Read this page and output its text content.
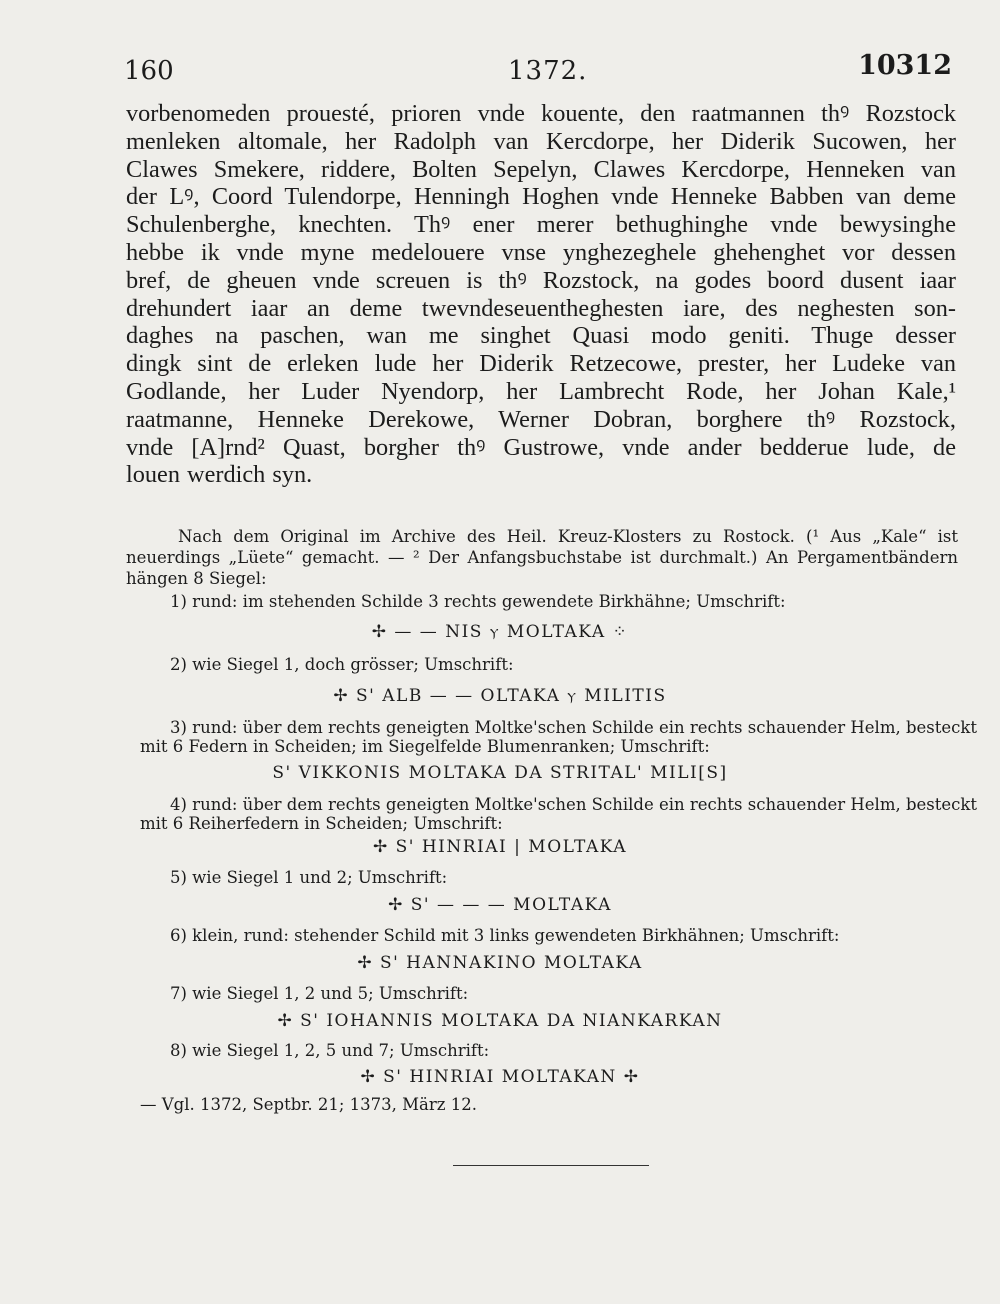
160	1372.	10312
vorbenomeden prouesté, prioren vnde kouente, den raatmannen thꝰ Rozstock
menleken altomale, her Radolph van Kercdorpe, her Diderik Sucowen, her
Clawes Smekere, riddere, Bolten Sepelyn, Clawes Kercdorpe, Henneken van
der Lꝰ, Coord Tulendorpe, Henningh Hoghen vnde Henneke Babben van deme
Schulenberghe, knechten. Thꝰ ener merer bethughinghe vnde bewysinghe
hebbe ik vnde myne medelouere vnse ynghezeghele ghehenghet vor dessen
bref, de gheuen vnde screuen is thꝰ Rozstock, na godes boord dusent iaar
drehundert iaar an deme twevndeseuentheghesten iare, des neghesten son-
daghes na paschen, wan me singhet Quasi modo geniti. Thuge desser
dingk sint de erleken lude her Diderik Retzecowe, prester, her Ludeke van
Godlande, her Luder Nyendorp, her Lambrecht Rode, her Johan Kale,¹
raatmanne, Henneke Derekowe, Werner Dobran, borghere thꝰ Rozstock,
vnde [A]rnd² Quast, borgher thꝰ Gustrowe, vnde ander bedderue lude, de
louen werdich syn.
Nach dem Original im Archive des Heil. Kreuz-Klosters zu Rostock. (¹ Aus „Kale“ ist
neuerdings „Lüete“ gemacht. — ² Der Anfangsbuchstabe ist durchmalt.) An Pergamentbändern
hängen 8 Siegel:
1) rund: im stehenden Schilde 3 rechts gewendete Birkhähne; Umschrift:
✢ — — NIS ⲩ MOLTAKA ⁘
2) wie Siegel 1, doch grösser; Umschrift:
✢ S' ALB — — OLTAKA ⲩ MILITIS
3) rund: über dem rechts geneigten Moltke'schen Schilde ein rechts schauender Helm, besteckt
mit 6 Federn in Scheiden; im Siegelfelde Blumenranken; Umschrift:
S' VIKKONIS MOLTAKA DA STRITAL' MILI[S]
4) rund: über dem rechts geneigten Moltke'schen Schilde ein rechts schauender Helm, besteckt
mit 6 Reiherfedern in Scheiden; Umschrift:
✢ S' HINRIAI | MOLTAKA
5) wie Siegel 1 und 2; Umschrift:
✢ S' — — — MOLTAKA
6) klein, rund: stehender Schild mit 3 links gewendeten Birkhähnen; Umschrift:
✢ S' HANNAKINO MOLTAKA
7) wie Siegel 1, 2 und 5; Umschrift:
✢ S' IOHANNIS MOLTAKA DA NIANKARKAN
8) wie Siegel 1, 2, 5 und 7; Umschrift:
✢ S' HINRIAI MOLTAKAN ✢
— Vgl. 1372, Septbr. 21; 1373, März 12.
